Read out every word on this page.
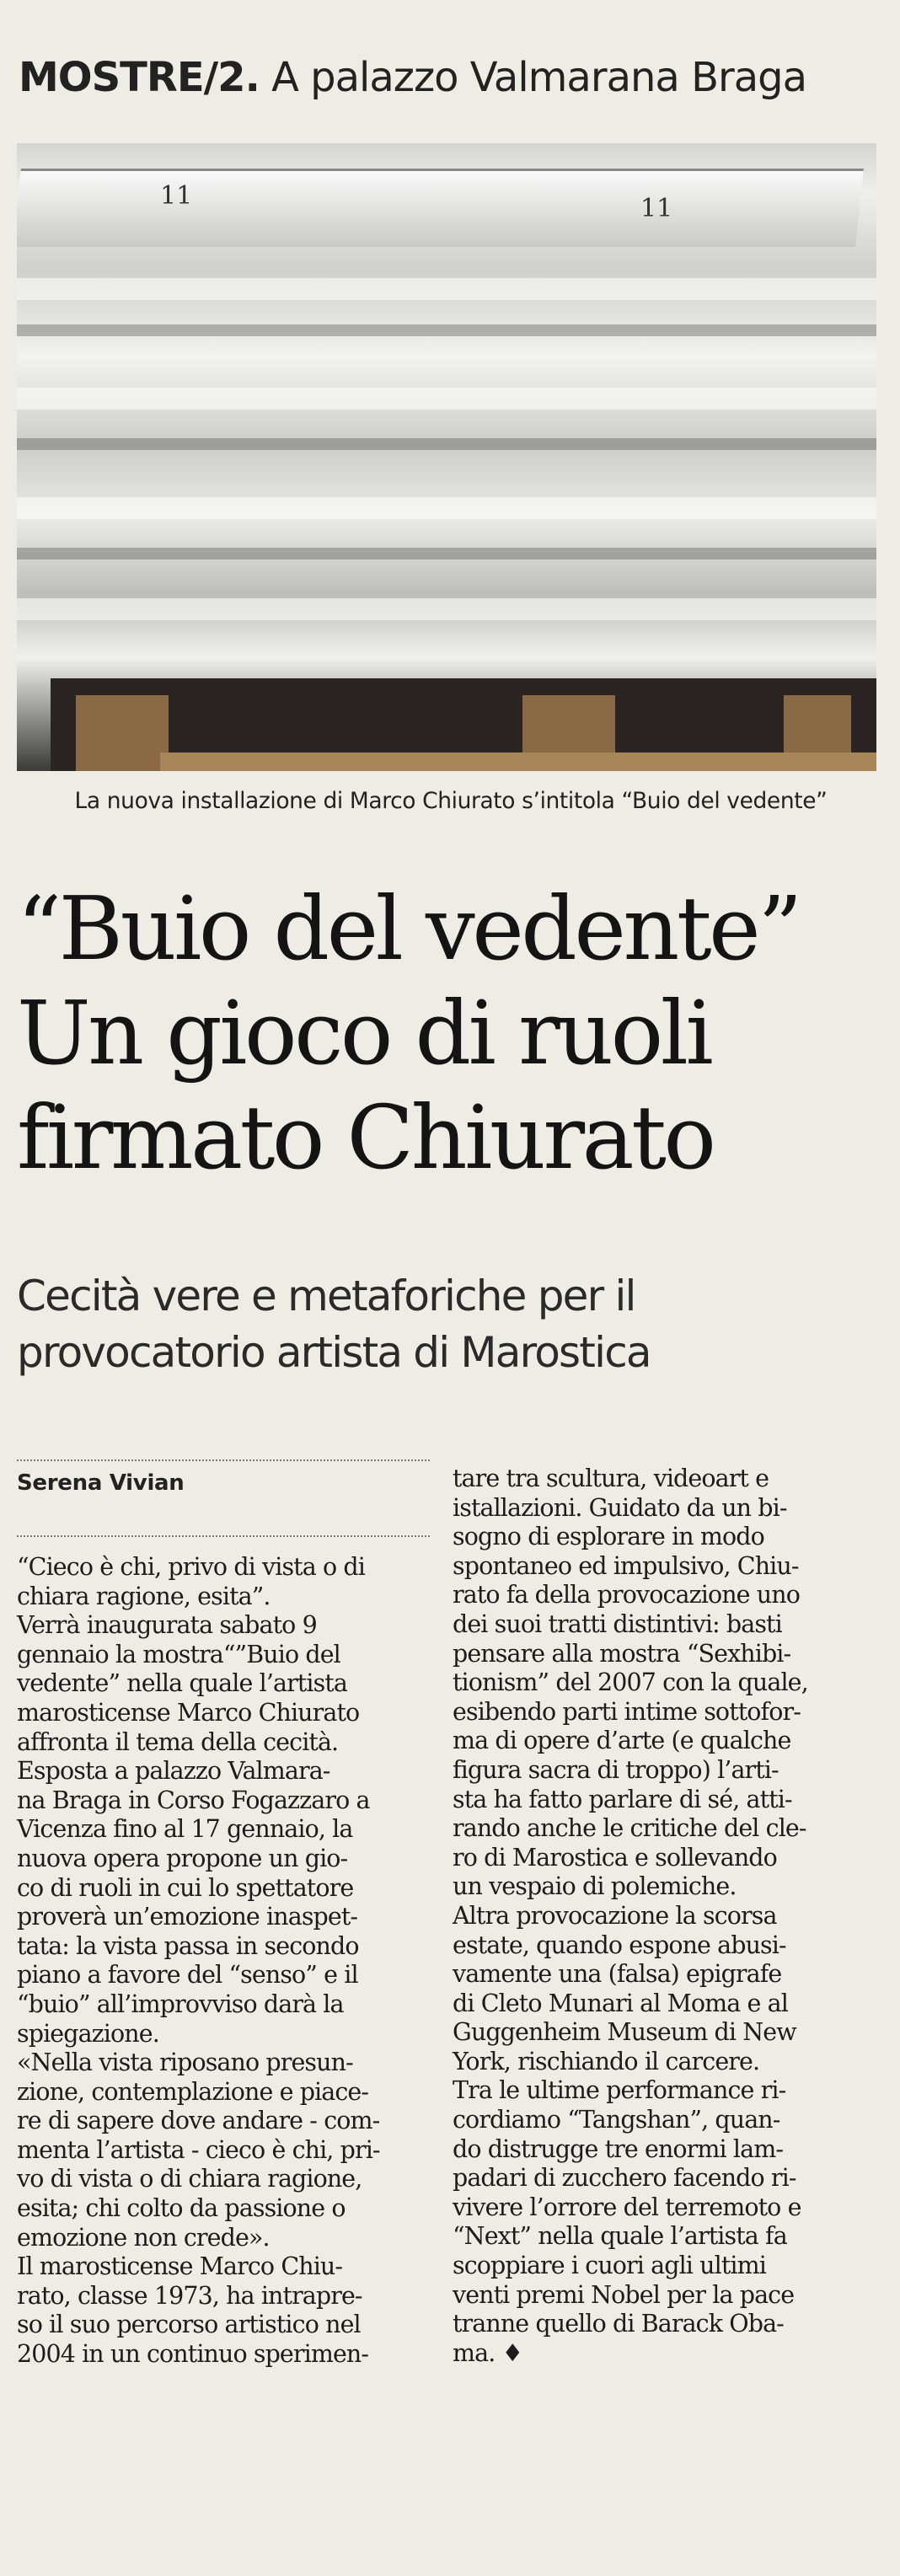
MOSTRE/2. A palazzo Valmarana Braga
11	11
La nuova installazione di Marco Chiurato s’intitola “Buio del vedente”
“Buio del vedente”
Un gioco di ruoli
firmato Chiurato
Cecità vere e metaforiche per il
provocatorio artista di Marostica
Serena Vivian
“Cieco è chi, privo di vista o di
chiara ragione, esita”.
Verrà inaugurata sabato 9
gennaio la mostra“”Buio del
vedente” nella quale l’artista
marosticense Marco Chiurato
affronta il tema della cecità.
Esposta a palazzo Valmara-
na Braga in Corso Fogazzaro a
Vicenza fino al 17 gennaio, la
nuova opera propone un gio-
co di ruoli in cui lo spettatore
proverà un’emozione inaspet-
tata: la vista passa in secondo
piano a favore del “senso” e il
“buio” all’improvviso darà la
spiegazione.
«Nella vista riposano presun-
zione, contemplazione e piace-
re di sapere dove andare - com-
menta l’artista - cieco è chi, pri-
vo di vista o di chiara ragione,
esita; chi colto da passione o
emozione non crede».
Il marosticense Marco Chiu-
rato, classe 1973, ha intrapre-
so il suo percorso artistico nel
2004 in un continuo sperimen-
tare tra scultura, videoart e
istallazioni. Guidato da un bi-
sogno di esplorare in modo
spontaneo ed impulsivo, Chiu-
rato fa della provocazione uno
dei suoi tratti distintivi: basti
pensare alla mostra “Sexhibi-
tionism” del 2007 con la quale,
esibendo parti intime sottofor-
ma di opere d’arte (e qualche
figura sacra di troppo) l’arti-
sta ha fatto parlare di sé, atti-
rando anche le critiche del cle-
ro di Marostica e sollevando
un vespaio di polemiche.
Altra provocazione la scorsa
estate, quando espone abusi-
vamente una (falsa) epigrafe
di Cleto Munari al Moma e al
Guggenheim Museum di New
York, rischiando il carcere.
Tra le ultime performance ri-
cordiamo “Tangshan”, quan-
do distrugge tre enormi lam-
padari di zucchero facendo ri-
vivere l’orrore del terremoto e
“Next” nella quale l’artista fa
scoppiare i cuori agli ultimi
venti premi Nobel per la pace
tranne quello di Barack Oba-
ma. ♦
